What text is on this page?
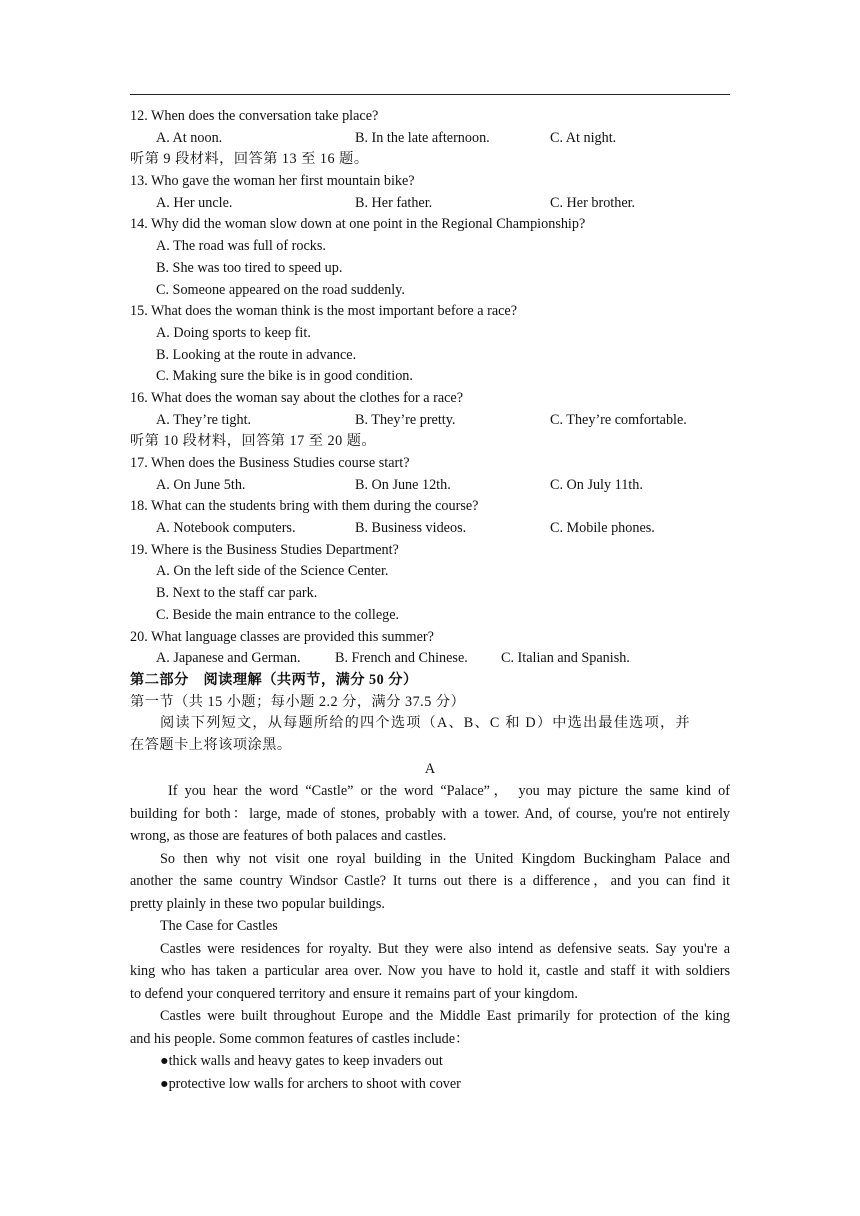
12. When does the conversation take place?
A. At noon.	B. In the late afternoon.	C. At night.
听第 9 段材料，回答第 13 至 16 题。
13. Who gave the woman her first mountain bike?
A. Her uncle.	B. Her father.	C. Her brother.
14. Why did the woman slow down at one point in the Regional Championship?
A. The road was full of rocks.
B. She was too tired to speed up.
C. Someone appeared on the road suddenly.
15. What does the woman think is the most important before a race?
A. Doing sports to keep fit.
B. Looking at the route in advance.
C. Making sure the bike is in good condition.
16. What does the woman say about the clothes for a race?
A. They’re tight.	B. They’re pretty.	C. They’re comfortable.
听第 10 段材料，回答第 17 至 20 题。
17. When does the Business Studies course start?
A. On June 5th.	B. On June 12th.	C. On July 11th.
18. What can the students bring with them during the course?
A. Notebook computers.	B. Business videos.	C. Mobile phones.
19. Where is the Business Studies Department?
A. On the left side of the Science Center.
B. Next to the staff car park.
C. Beside the main entrance to the college.
20. What language classes are provided this summer?
A. Japanese and German. B. French and Chinese. C. Italian and Spanish.
第二部分　阅读理解（共两节，满分 50 分）
第一节（共 15 小题；每小题 2.2 分，满分 37.5 分）
阅读下列短文，从每题所给的四个选项（A、B、C 和 D）中选出最佳选项，并
在答题卡上将该项涂黑。
A
If you hear the word “Castle” or the word “Palace”， you may picture the same kind of
building for both：large, made of stones, probably with a tower. And, of course, you're not entirely
wrong, as those are features of both palaces and castles.
So then why not visit one royal building in the United Kingdom Buckingham Palace and
another the same country Windsor Castle? It turns out there is a difference，and you can find it
pretty plainly in these two popular buildings.
The Case for Castles
Castles were residences for royalty. But they were also intend as defensive seats. Say you're a
king who has taken a particular area over. Now you have to hold it, castle and staff it with soldiers
to defend your conquered territory and ensure it remains part of your kingdom.
Castles were built throughout Europe and the Middle East primarily for protection of the king
and his people. Some common features of castles include：
●thick walls and heavy gates to keep invaders out
●protective low walls for archers to shoot with cover
